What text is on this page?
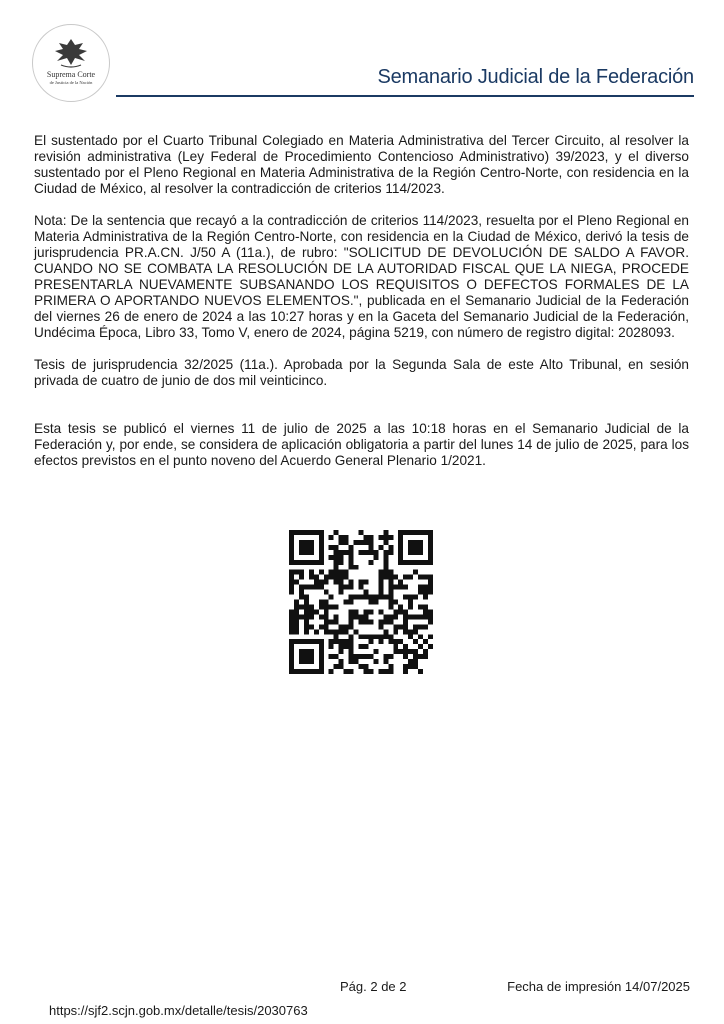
Suprema Corte
de Justicia de la Nación	Semanario Judicial de la Federación

El sustentado por el Cuarto Tribunal Colegiado en Materia Administrativa del Tercer Circuito, al resolver la revisión administrativa (Ley Federal de Procedimiento Contencioso Administrativo) 39/2023, y el diverso sustentado por el Pleno Regional en Materia Administrativa de la Región Centro-Norte, con residencia en la Ciudad de México, al resolver la contradicción de criterios 114/2023.

Nota: De la sentencia que recayó a la contradicción de criterios 114/2023, resuelta por el Pleno Regional en Materia Administrativa de la Región Centro-Norte, con residencia en la Ciudad de México, derivó la tesis de jurisprudencia PR.A.CN. J/50 A (11a.), de rubro: "SOLICITUD DE DEVOLUCIÓN DE SALDO A FAVOR. CUANDO NO SE COMBATA LA RESOLUCIÓN DE LA AUTORIDAD FISCAL QUE LA NIEGA, PROCEDE PRESENTARLA NUEVAMENTE SUBSANANDO LOS REQUISITOS O DEFECTOS FORMALES DE LA PRIMERA O APORTANDO NUEVOS ELEMENTOS.", publicada en el Semanario Judicial de la Federación del viernes 26 de enero de 2024 a las 10:27 horas y en la Gaceta del Semanario Judicial de la Federación, Undécima Época, Libro 33, Tomo V, enero de 2024, página 5219, con número de registro digital: 2028093.

Tesis de jurisprudencia 32/2025 (11a.). Aprobada por la Segunda Sala de este Alto Tribunal, en sesión privada de cuatro de junio de dos mil veinticinco.

Esta tesis se publicó el viernes 11 de julio de 2025 a las 10:18 horas en el Semanario Judicial de la Federación y, por ende, se considera de aplicación obligatoria a partir del lunes 14 de julio de 2025, para los efectos previstos en el punto noveno del Acuerdo General Plenario 1/2021.

Pág. 2 de 2	Fecha de impresión 14/07/2025
https://sjf2.scjn.gob.mx/detalle/tesis/2030763
